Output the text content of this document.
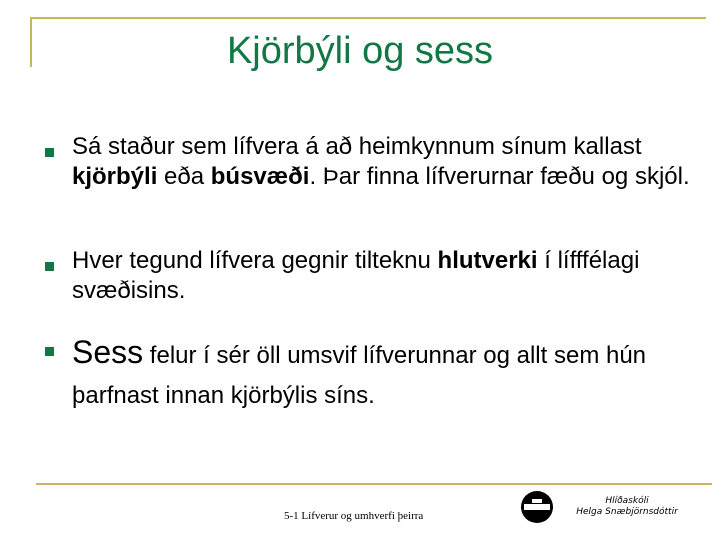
Kjörbýli og sess
Sá staður sem lífvera á að heimkynnum sínum kallast kjörbýli eða búsvæði. Þar finna lífverurnar fæðu og skjól.
Hver tegund lífvera gegnir tilteknu hlutverki í lífffélagi svæðisins.
Sess felur í sér öll umsvif lífverunnar og allt sem hún þarfnast innan kjörbýlis síns.
5-1 Lífverur og umhverfi þeirra
Hlíðaskóli
Helga Snæbjörnsdóttir
